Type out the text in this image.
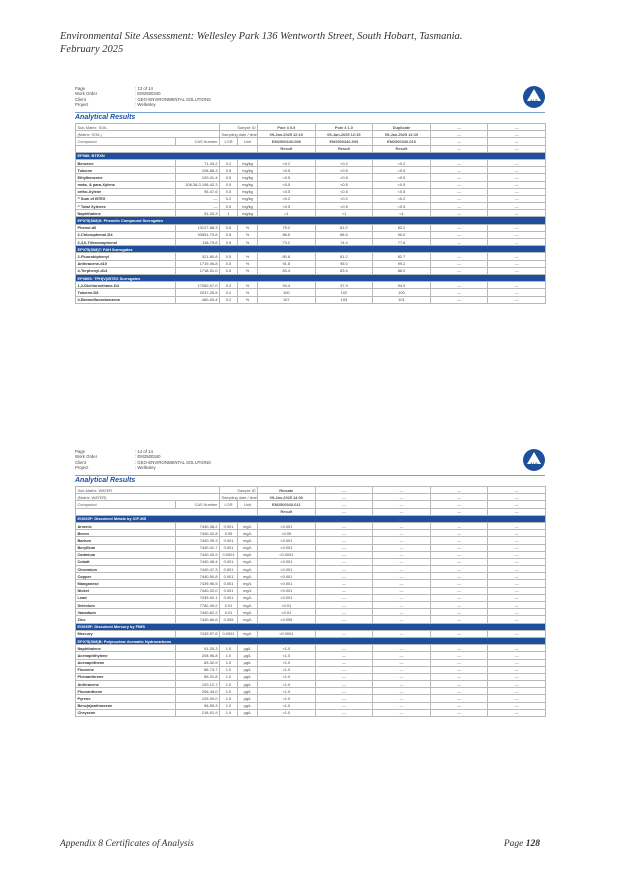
Environmental Site Assessment: Wellesley Park 136 Wentworth Street, South Hobart, Tasmania.
February 2025
Page	: 13 of 14
Work Order	: EM2500340
Client	: GEO-ENVIRONMENTAL SOLUTIONS
Project	: Wellesley
ALS
Analytical Results
Sub-Matrix: SOIL		Sample ID		Pole 4 0.5	Pole 4 1.0	Duplicate	—	—
(Matrix: SOIL)		Sampling date / time		09-Jan-2025 12:10	09-Jan-2025 12:15	09-Jan-2025 12:10	—	—
Compound	CAS Number	LOR	Unit	EM2500340-008	EM2500340-009	EM2500340-010	—	—
				Result	Result	Result	—	—
EP080: BTEXN								
Benzene	71-43-2	0.2	mg/kg	<0.2	<0.2	<0.2	—	—
Toluene	108-88-3	0.5	mg/kg	<0.5	<0.5	<0.5	—	—
Ethylbenzene	100-41-4	0.5	mg/kg	<0.5	<0.5	<0.5	—	—
meta- & para-Xylene	108-38-3 106-42-3	0.5	mg/kg	<0.5	<0.5	<0.5	—	—
ortho-Xylene	95-47-6	0.5	mg/kg	<0.5	<0.5	<0.5	—	—
^ Sum of BTEX	—	0.2	mg/kg	<0.2	<0.2	<0.2	—	—
^ Total Xylenes	—	0.5	mg/kg	<0.5	<0.5	<0.5	—	—
Naphthalene	91-20-3	1	mg/kg	<1	<1	<1	—	—
EP075(SIM)S: Phenolic Compound Surrogates								
Phenol-d6	13127-88-3	0.5	%	79.2	81.0	82.2	—	—
2-Chlorophenol-D4	93951-73-6	0.5	%	86.5	88.5	90.0	—	—
2,4,6-Tribromophenol	118-79-6	0.5	%	73.2	74.4	77.8	—	—
EP075(SIM)T: PAH Surrogates								
2-Fluorobiphenyl	321-60-8	0.5	%	80.8	81.2	82.7	—	—
Anthracene-d10	1719-06-8	0.5	%	91.8	95.0	99.2	—	—
4-Terphenyl-d14	1718-51-0	0.5	%	83.4	83.4	86.0	—	—
EP080S: TPH(V)/BTEX Surrogates								
1,2-Dichloroethane-D4	17060-07-0	0.2	%	93.4	97.9	94.9	—	—
Toluene-D8	2037-26-5	0.2	%	100	102	100	—	—
4-Bromofluorobenzene	460-00-4	0.2	%	107	103	101	—	—
Page	: 14 of 14
Work Order	: EM2500340
Client	: GEO-ENVIRONMENTAL SOLUTIONS
Project	: Wellesley
ALS
Analytical Results
Sub-Matrix: WATER		Sample ID		Rinsate	—	—	—	—
(Matrix: WATER)		Sampling date / time		09-Jan-2025 14:00	—	—	—	—
Compound	CAS Number	LOR	Unit	EM2500340-011	—	—	—	—
				Result	—	—	—	—
EG020F: Dissolved Metals by ICP-MS								
Arsenic	7440-38-2	0.001	mg/L	<0.001	—	—	—	—
Boron	7440-42-8	0.05	mg/L	<0.05	—	—	—	—
Barium	7440-39-3	0.001	mg/L	<0.001	—	—	—	—
Beryllium	7440-41-7	0.001	mg/L	<0.001	—	—	—	—
Cadmium	7440-43-9	0.0001	mg/L	<0.0001	—	—	—	—
Cobalt	7440-48-4	0.001	mg/L	<0.001	—	—	—	—
Chromium	7440-47-3	0.001	mg/L	<0.001	—	—	—	—
Copper	7440-50-8	0.001	mg/L	<0.001	—	—	—	—
Manganese	7439-96-5	0.001	mg/L	<0.001	—	—	—	—
Nickel	7440-02-0	0.001	mg/L	<0.001	—	—	—	—
Lead	7439-92-1	0.001	mg/L	<0.001	—	—	—	—
Selenium	7782-49-2	0.01	mg/L	<0.01	—	—	—	—
Vanadium	7440-62-2	0.01	mg/L	<0.01	—	—	—	—
Zinc	7440-66-6	0.005	mg/L	<0.005	—	—	—	—
EG035F: Dissolved Mercury by FIMS								
Mercury	7439-97-6	0.0001	mg/L	<0.0001	—	—	—	—
EP075(SIM)B: Polynuclear Aromatic Hydrocarbons								
Naphthalene	91-20-3	1.0	µg/L	<1.0	—	—	—	—
Acenaphthylene	208-96-8	1.0	µg/L	<1.0	—	—	—	—
Acenaphthene	83-32-9	1.0	µg/L	<1.0	—	—	—	—
Fluorene	86-73-7	1.0	µg/L	<1.0	—	—	—	—
Phenanthrene	85-01-8	1.0	µg/L	<1.0	—	—	—	—
Anthracene	120-12-7	1.0	µg/L	<1.0	—	—	—	—
Fluoranthene	206-44-0	1.0	µg/L	<1.0	—	—	—	—
Pyrene	129-00-0	1.0	µg/L	<1.0	—	—	—	—
Benz(a)anthracene	56-55-3	1.0	µg/L	<1.0	—	—	—	—
Chrysene	218-01-9	1.0	µg/L	<1.0	—	—	—	—
Appendix 8 Certificates of Analysis	Page 128
